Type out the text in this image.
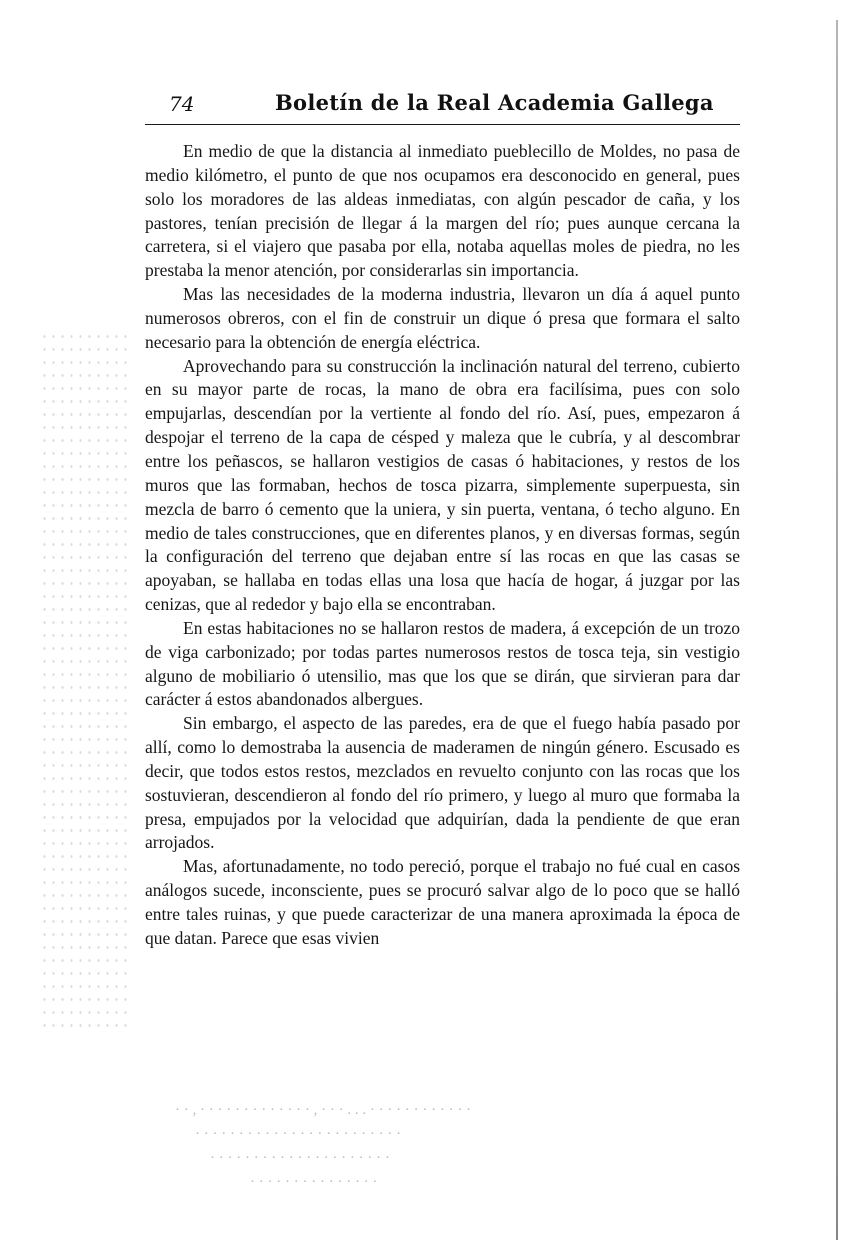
74	Boletín de la Real Academia Gallega

En medio de que la distancia al inmediato pueblecillo de Moldes, no pasa de medio kilómetro, el punto de que nos ocupamos era desconocido en general, pues solo los moradores de las aldeas inmediatas, con algún pescador de caña, y los pastores, tenían precisión de llegar á la margen del río; pues aunque cercana la carretera, si el viajero que pasaba por ella, notaba aquellas moles de piedra, no les prestaba la menor atención, por considerarlas sin importancia.

Mas las necesidades de la moderna industria, llevaron un día á aquel punto numerosos obreros, con el fin de construir un dique ó presa que formara el salto necesario para la obtención de energía eléctrica.

Aprovechando para su construcción la inclinación natural del terreno, cubierto en su mayor parte de rocas, la mano de obra era facilísima, pues con solo empujarlas, descendían por la vertiente al fondo del río. Así, pues, empezaron á despojar el terreno de la capa de césped y maleza que le cubría, y al descombrar entre los peñascos, se hallaron vestigios de casas ó habitaciones, y restos de los muros que las formaban, hechos de tosca pizarra, simplemente superpuesta, sin mezcla de barro ó cemento que la uniera, y sin puerta, ventana, ó techo alguno. En medio de tales construcciones, que en diferentes planos, y en diversas formas, según la configuración del terreno que dejaban entre sí las rocas en que las casas se apoyaban, se hallaba en todas ellas una losa que hacía de hogar, á juzgar por las cenizas, que al rededor y bajo ella se encontraban.

En estas habitaciones no se hallaron restos de madera, á excepción de un trozo de viga carbonizado; por todas partes numerosos restos de tosca teja, sin vestigio alguno de mobiliario ó utensilio, mas que los que se dirán, que sirvieran para dar carácter á estos abandonados albergues.

Sin embargo, el aspecto de las paredes, era de que el fuego había pasado por allí, como lo demostraba la ausencia de maderamen de ningún género. Escusado es decir, que todos estos restos, mezclados en revuelto conjunto con las rocas que los sostuvieran, descendieron al fondo del río primero, y luego al muro que formaba la presa, empujados por la velocidad que adquirían, dada la pendiente de que eran arrojados.

Mas, afortunadamente, no todo pereció, porque el trabajo no fué cual en casos análogos sucede, inconsciente, pues se procuró salvar algo de lo poco que se halló entre tales ruinas, y que puede caracterizar de una manera aproximada la época de que datan. Parece que esas vivien

· · , · · · · · · · · · · · · · , · · · . . . · · · · · · · · · · · ·
· · · · · · · · · · · · · · · · · · · · · · · ·
· · · · · · · · · · · · · · · · · · · · ·
· · · · · · · · · · · · · · ·
